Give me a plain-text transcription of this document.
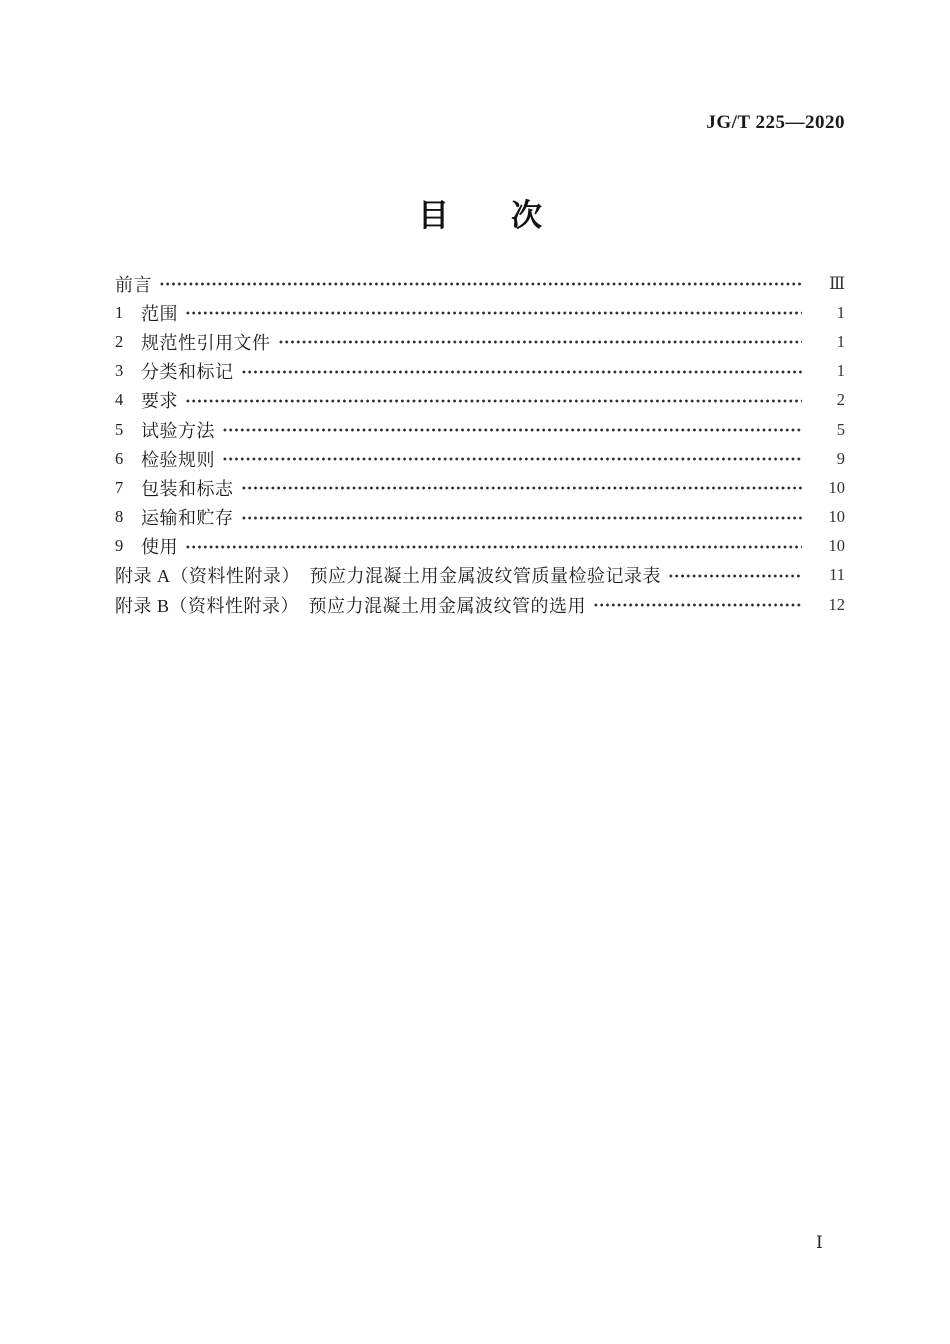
JG/T 225—2020
目　　次
前言	Ⅲ
1 范围	1
2 规范性引用文件	1
3 分类和标记	1
4 要求	2
5 试验方法	5
6 检验规则	9
7 包装和标志	10
8 运输和贮存	10
9 使用	10
附录 A（资料性附录）　预应力混凝土用金属波纹管质量检验记录表	11
附录 B（资料性附录）　预应力混凝土用金属波纹管的选用	12
Ⅰ
